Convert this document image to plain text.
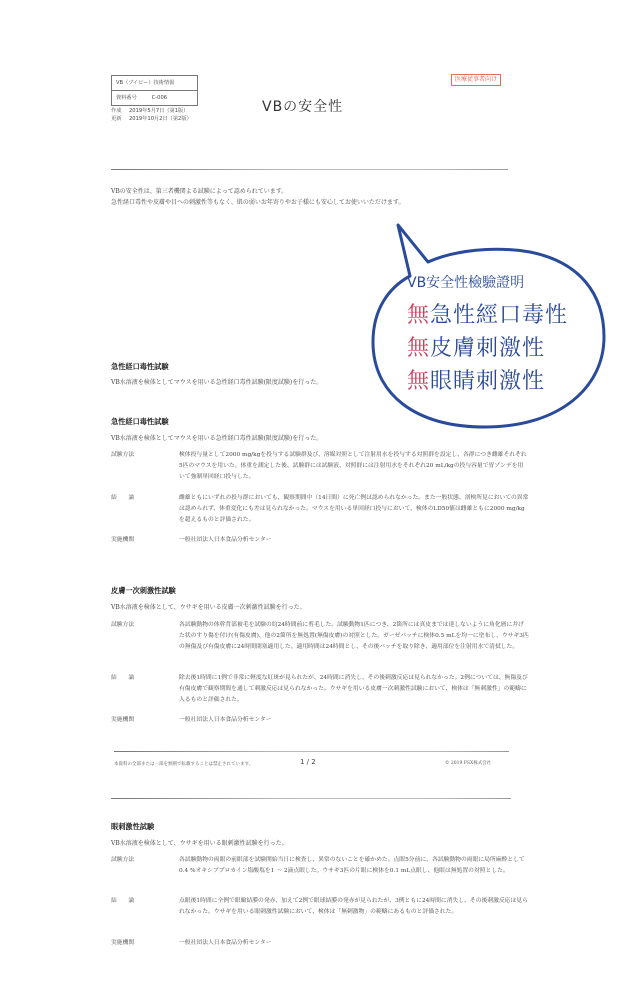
VB（ブイビー）技術情報
資料番号	C-006
作成 2019年5月7日（第1版）
更新 2019年10月2日（第2版）
VBの安全性
医療従事者向け
VBの安全性は、第三者機関よる試験によって認められています。
急性経口毒性や皮膚や目への刺激性等もなく、肌の弱いお年寄りやお子様にも安心してお使いいただけます。
VB安全性檢驗證明
無急性經口毒性
無皮膚刺激性
無眼睛刺激性
急性経口毒性試験
VB水溶液を検体としてマウスを用いる急性経口毒性試験(限度試験)を行った。
急性経口毒性試験
VB水溶液を検体としてマウスを用いる急性経口毒性試験(限度試験)を行った。
試験方法	検体投与量として2000 mg/kgを投与する試験群及び、溶媒対照として注射用水を投与する対照群を設定し、各群につき雌雄それぞれ5匹のマウスを用いた。体重を測定した後、試験群には試験液、対照群には注射用水をそれぞれ20 mL/kgの投与容量で胃ゾンデを用いて強制単回経口投与した。
結　　論	雌雄ともにいずれの投与群においても、観察期間中（14日間）に死亡例は認められなかった。また一般状態、剖検所見においての異常は認められず、体重変化にも差は見られなかった。マウスを用いる単回経口投与において、検体のLD50値は雌雄ともに2000 mg/kgを超えるものと評価された。
実施機関	一般社団法人日本食品分析センター
皮膚一次刺激性試験
VB水溶液を検体として、ウサギを用いる皮膚一次刺激性試験を行った。
試験方法	各試験動物の体幹背部被毛を試験の約24時間前に剪毛した。試験動物1匹につき、2箇所には真皮までは達しないように角化層に井げた状のすり傷を付け(有傷皮膚)、他の2箇所を無処置(無傷皮膚)の対照とした。ガーゼパッチに検体0.5 mLを均一に塗布し、ウサギ3匹の無傷及び有傷皮膚に24時間閉塞適用した。適用時間は24時間とし、その後パッチを取り除き、適用部位を注射用水で清拭した。
結　　論	除去後1時間に1例で非常に軽度な紅斑が見られたが、24時間に消失し、その後刺激反応は見られなかった。2例については、無傷及び有傷皮膚で観察期間を通して刺激反応は見られなかった。ウサギを用いる皮膚一次刺激性試験において、検体は「無刺激性」の範疇に入るものと評価された。
実施機関	一般社団法人日本食品分析センター
本資料の全部または一部を無断で転載することは禁止されています。	1 / 2	© 2019 FSX株式会社
眼刺激性試験
VB水溶液を検体として、ウサギを用いる眼刺激性試験を行った。
試験方法	各試験動物の両眼の前眼部を試験開始当日に検査し、異常のないことを確かめた。点眼5分前に、各試験動物の両眼に局所麻酔として0.4 %オキシブプロカイン塩酸塩を1 ～ 2滴点眼した。ウサギ3匹の片眼に検体を0.1 mL点眼し、他眼は無処置の対照とした。
結　　論	点眼後1時間に全例で眼瞼結膜の発赤、加えて2例で眼球結膜の発赤が見られたが、3例ともに24時間に消失し、その後刺激反応は見られなかった。ウサギを用いる眼刺激性試験において、検体は「無刺激物」の範疇にあるものと評価された。
実施機関	一般社団法人日本食品分析センター
